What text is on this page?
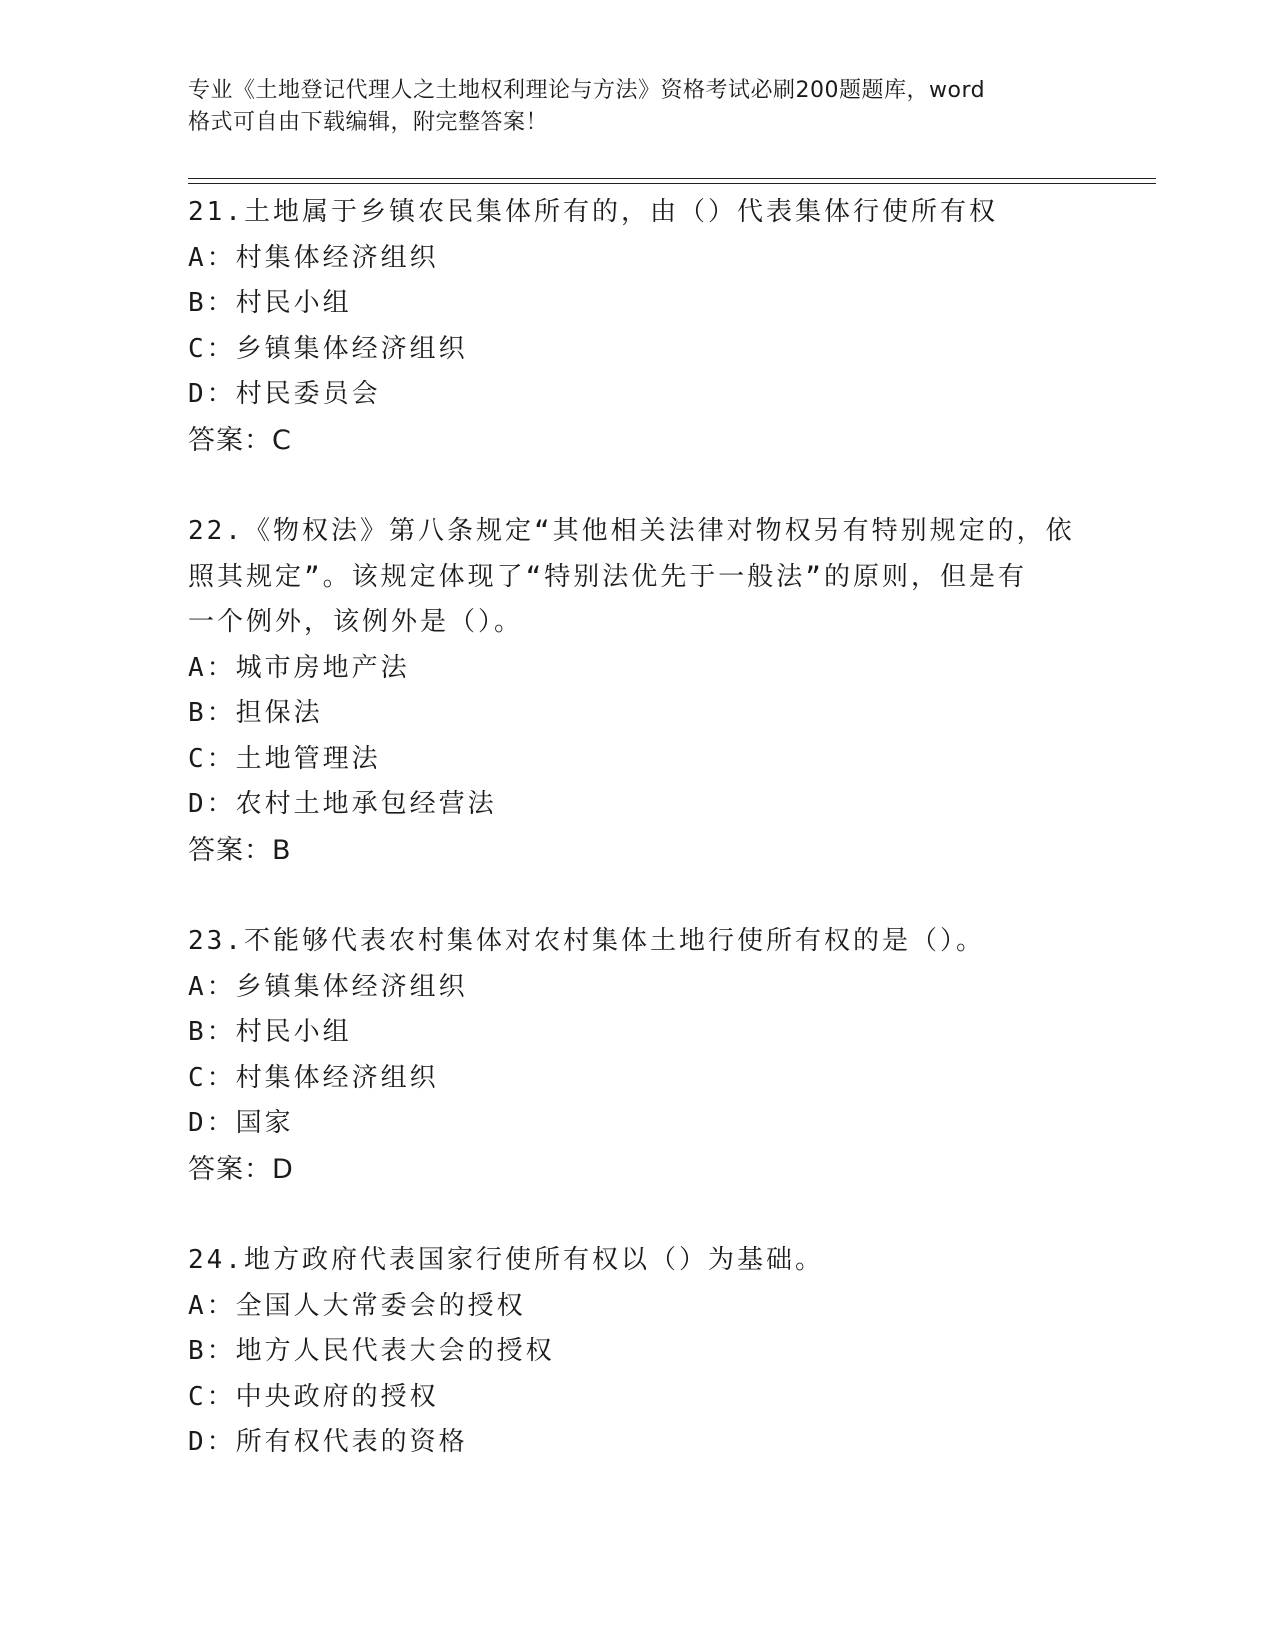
专业《土地登记代理人之土地权利理论与方法》资格考试必刷200题题库，word
格式可自由下载编辑，附完整答案！

21.土地属于乡镇农民集体所有的，由（）代表集体行使所有权

A：村集体经济组织

B：村民小组

C：乡镇集体经济组织

D：村民委员会

答案：C

22.《物权法》第八条规定“其他相关法律对物权另有特别规定的，依

照其规定”。该规定体现了“特别法优先于一般法”的原则，但是有

一个例外，该例外是（）。

A：城市房地产法

B：担保法

C：土地管理法

D：农村土地承包经营法

答案：B

23.不能够代表农村集体对农村集体土地行使所有权的是（）。

A：乡镇集体经济组织

B：村民小组

C：村集体经济组织

D：国家

答案：D

24.地方政府代表国家行使所有权以（）为基础。

A：全国人大常委会的授权

B：地方人民代表大会的授权

C：中央政府的授权

D：所有权代表的资格
